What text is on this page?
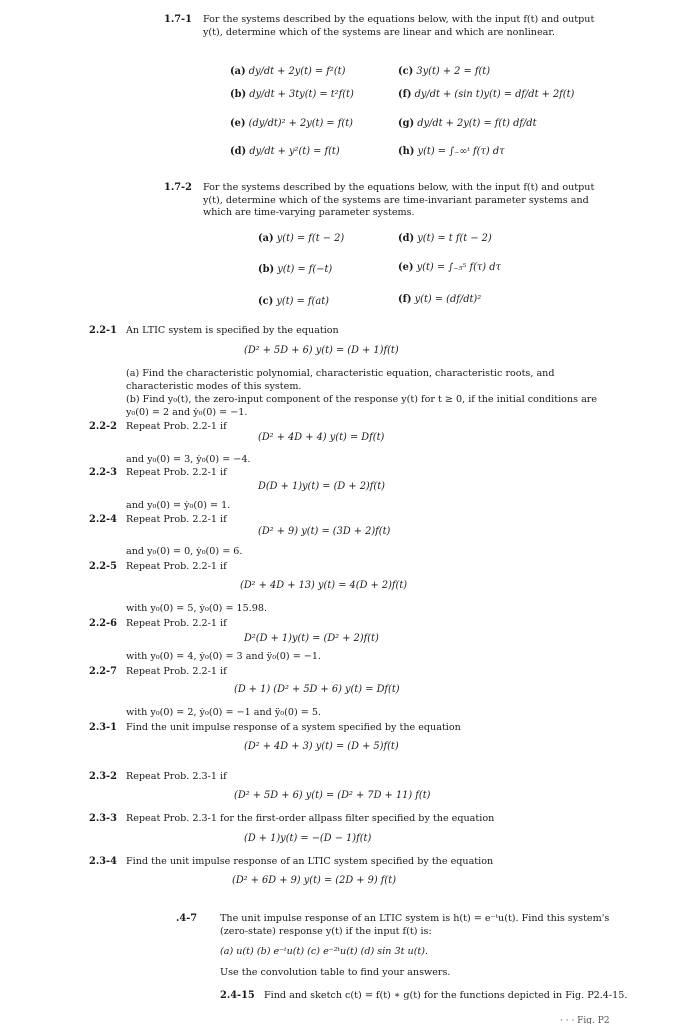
1.7-1 For the systems described by the equations below, with the input f(t) and output y(t), determine which of the systems are linear and which are nonlinear.
(a) dy/dt + 2y(t) = f²(t)
(b) dy/dt + 3ty(t) = t²f(t)
(e) (dy/dt)² + 2y(t) = f(t)
(d) dy/dt + y²(t) = f(t)
(c) 3y(t) + 2 = f(t)
(f) dy/dt + (sin t)y(t) = df/dt + 2f(t)
(g) dy/dt + 2y(t) = f(t) df/dt
(h) y(t) = ∫₋∞ᵗ f(τ) dτ
1.7-2 For the systems described by the equations below, with the input f(t) and output y(t), determine which of the systems are time-invariant parameter systems and which are time-varying parameter systems.
(a) y(t) = f(t − 2)
(b) y(t) = f(−t)
(c) y(t) = f(at)
(d) y(t) = t f(t − 2)
(e) y(t) = ∫₋₅⁵ f(τ) dτ
(f) y(t) = (df/dt)²
2.2-1 An LTIC system is specified by the equation
(D² + 5D + 6) y(t) = (D + 1)f(t)
(a) Find the characteristic polynomial, characteristic equation, characteristic roots, and characteristic modes of this system.
(b) Find y₀(t), the zero-input component of the response y(t) for t ≥ 0, if the initial conditions are y₀(0) = 2 and ẏ₀(0) = −1.
2.2-2 Repeat Prob. 2.2-1 if
(D² + 4D + 4) y(t) = Df(t)
and y₀(0) = 3, ẏ₀(0) = −4.
2.2-3 Repeat Prob. 2.2-1 if
D(D + 1)y(t) = (D + 2)f(t)
and y₀(0) = ẏ₀(0) = 1.
2.2-4 Repeat Prob. 2.2-1 if
(D² + 9) y(t) = (3D + 2)f(t)
and y₀(0) = 0, ẏ₀(0) = 6.
2.2-5 Repeat Prob. 2.2-1 if
(D² + 4D + 13) y(t) = 4(D + 2)f(t)
with y₀(0) = 5, ẏ₀(0) = 15.98.
2.2-6 Repeat Prob. 2.2-1 if
D²(D + 1)y(t) = (D² + 2)f(t)
with y₀(0) = 4, ẏ₀(0) = 3 and ÿ₀(0) = −1.
2.2-7 Repeat Prob. 2.2-1 if
(D + 1) (D² + 5D + 6) y(t) = Df(t)
with y₀(0) = 2, ẏ₀(0) = −1 and ÿ₀(0) = 5.
2.3-1 Find the unit impulse response of a system specified by the equation
(D² + 4D + 3) y(t) = (D + 5)f(t)
2.3-2 Repeat Prob. 2.3-1 if
(D² + 5D + 6) y(t) = (D² + 7D + 11) f(t)
2.3-3 Repeat Prob. 2.3-1 for the first-order allpass filter specified by the equation
(D + 1)y(t) = −(D − 1)f(t)
2.3-4 Find the unit impulse response of an LTIC system specified by the equation
(D² + 6D + 9) y(t) = (2D + 9) f(t)
.4-7 The unit impulse response of an LTIC system is h(t) = e⁻ᵗu(t). Find this system's (zero-state) response y(t) if the input f(t) is:
(a) u(t) (b) e⁻ᵗu(t) (c) e⁻²ᵗu(t) (d) sin 3t u(t).
Use the convolution table to find your answers.
2.4-15 Find and sketch c(t) = f(t) ∗ g(t) for the functions depicted in Fig. P2.4-15.
· · · Fig. P2
